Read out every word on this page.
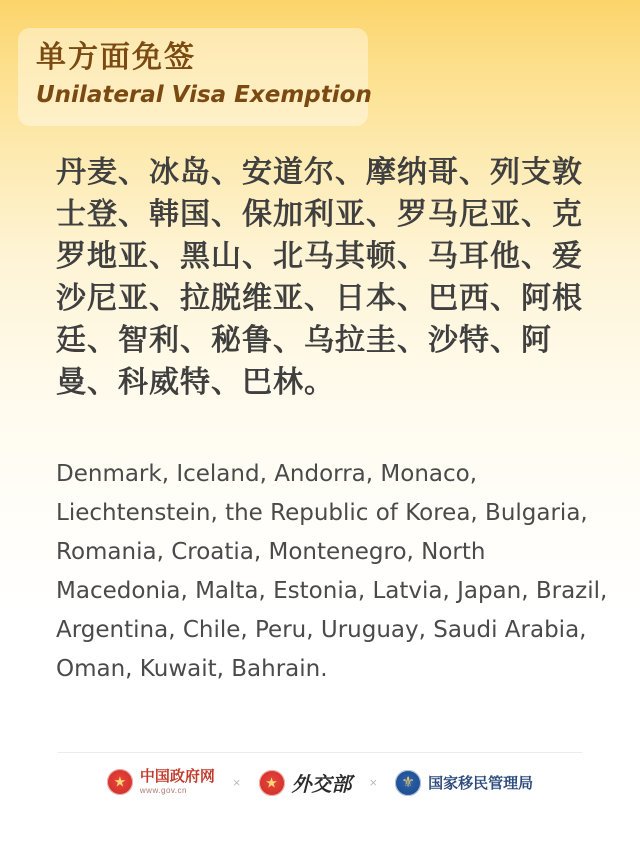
单方面免签
Unilateral Visa Exemption
丹麦、冰岛、安道尔、摩纳哥、列支敦士登、韩国、保加利亚、罗马尼亚、克罗地亚、黑山、北马其顿、马耳他、爱沙尼亚、拉脱维亚、日本、巴西、阿根廷、智利、秘鲁、乌拉圭、沙特、阿曼、科威特、巴林。
Denmark, Iceland, Andorra, Monaco, Liechtenstein, the Republic of Korea, Bulgaria, Romania, Croatia, Montenegro, North Macedonia, Malta, Estonia, Latvia, Japan, Brazil, Argentina, Chile, Peru, Uruguay, Saudi Arabia, Oman, Kuwait, Bahrain.
★
中国政府网
www.gov.cn
× ★	外交部 × ⚜	国家移民管理局
